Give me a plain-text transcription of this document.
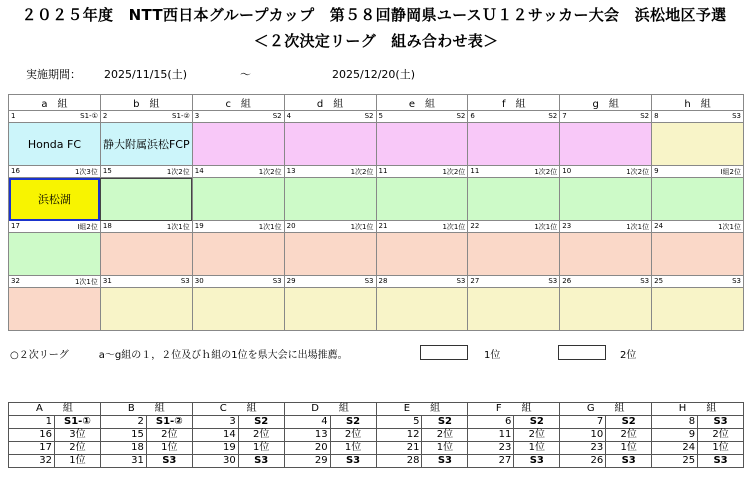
２０２５年度　NTT西日本グループカップ　第５８回静岡県ユースＵ１２サッカー大会　浜松地区予選
＜２次決定リーグ　組み合わせ表＞
実施期間： 2025/11/15(土)	～	2025/12/20(土)
a　組	b　組	c　組	d　組	e　組	f　組	g　組	h　組

1 S1-①	2 S1-②	3 S2	4 S2	5 S2	6 S2	7 S2	8 S3

Honda FC	静大附属浜松FCP						

16 1次3位	15 1次2位	14 1次2位	13 1次2位	11 1次2位	11 1次2位	10 1次2位	9 Ⅰ組2位

浜松湖							

17 Ⅰ組2位	18 1次1位	19 1次1位	20 1次1位	21 1次1位	22 1次1位	23 1次1位	24 1次1位

32 1次1位	31 S3	30 S3	29 S3	28 S3	27 S3	26 S3	25 S3

○２次リーグ　　　a～g組の１，２位及びｈ組の1位を県大会に出場推薦。	1位	2位
A　　組		B　　組		C　　組		D　　組		E　　組		F　　組		G　　組		H　　組	
1	S1-①	2	S1-②	3	S2	4	S2	5	S2	6	S2	7	S2	8	S3
16	3位	15	2位	14	2位	13	2位	12	2位	11	2位	10	2位	9	2位
17	2位	18	1位	19	1位	20	1位	21	1位	23	1位	23	1位	24	1位
32	1位	31	S3	30	S3	29	S3	28	S3	27	S3	26	S3	25	S3
